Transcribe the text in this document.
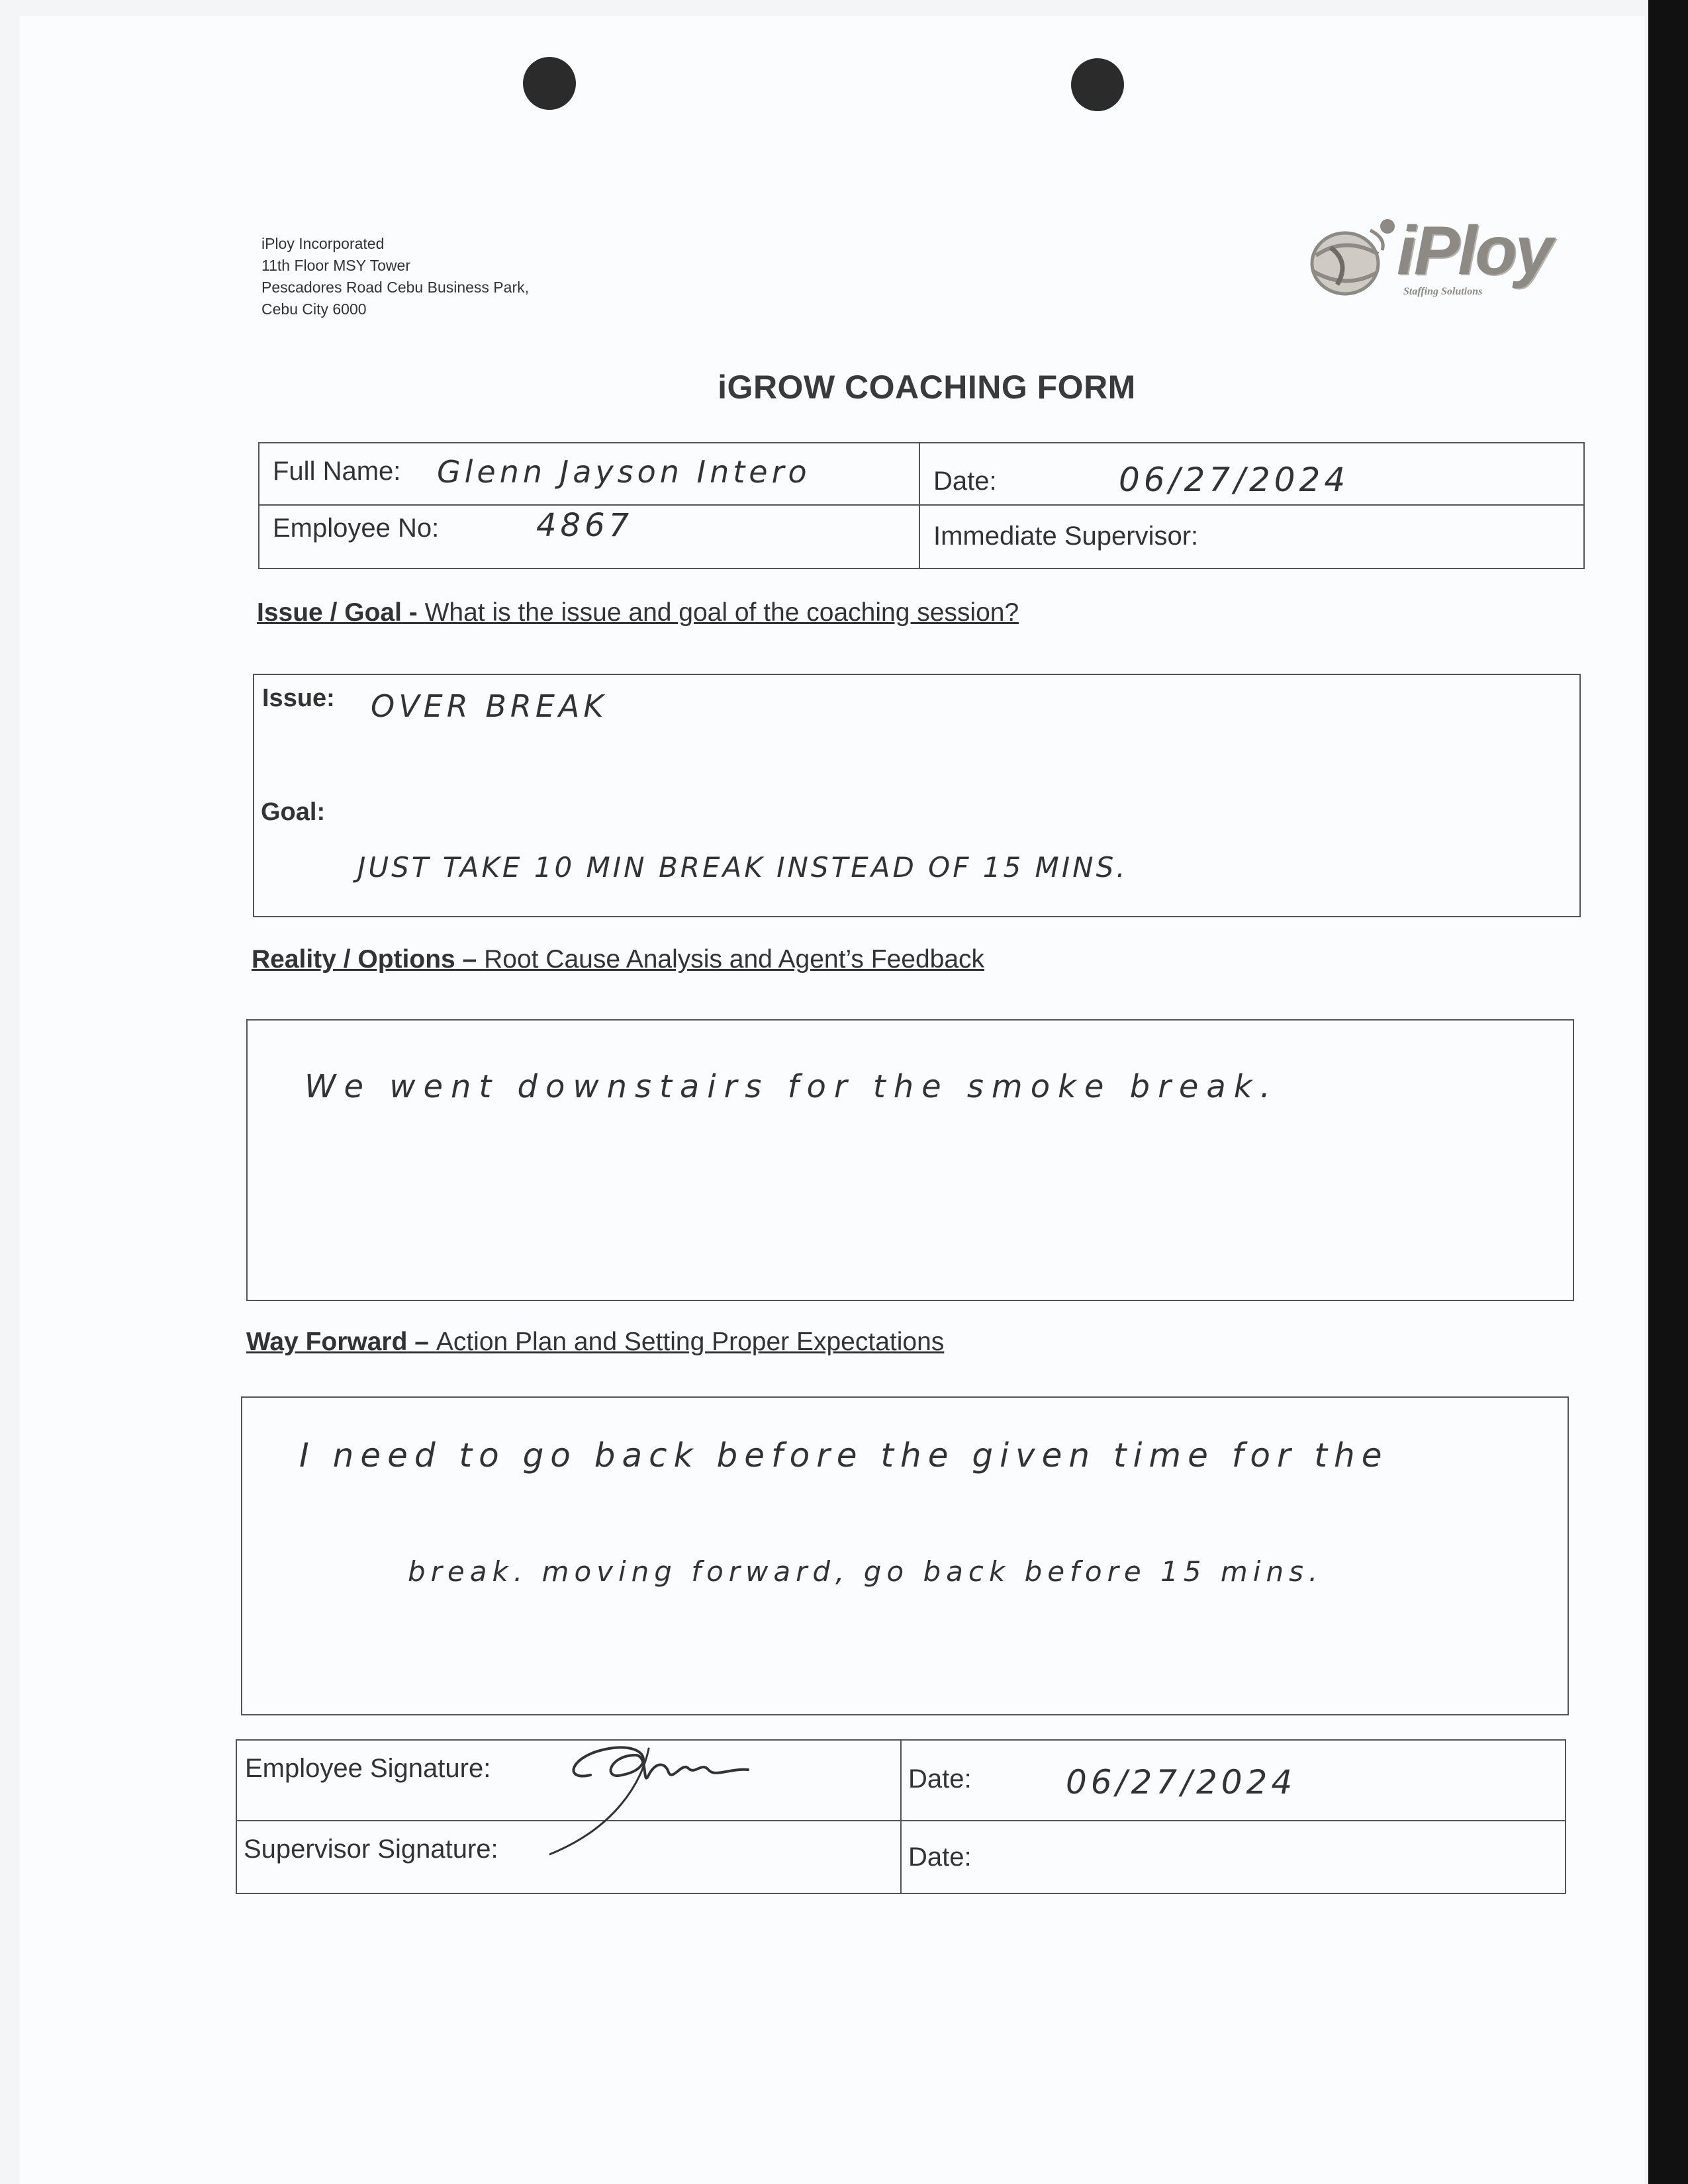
iPloy Incorporated
11th Floor MSY Tower
Pescadores Road Cebu Business Park,
Cebu City 6000
iPloy
Staffing Solutions
iGROW COACHING FORM
Full Name: Glenn Jayson Intero	Date:	06/27/2024
Employee No:	4867	Immediate Supervisor:
Issue / Goal - What is the issue and goal of the coaching session?
Issue: OVER BREAK
Goal:
JUST TAKE 10 MIN BREAK INSTEAD OF 15 MINS.
Reality / Options – Root Cause Analysis and Agent’s Feedback
We went downstairs for the smoke break.
Way Forward – Action Plan and Setting Proper Expectations
I need to go back before the given time for the
break. moving forward, go back before 15 mins.
Employee Signature:	Date:	06/27/2024
Supervisor Signature:	Date:
